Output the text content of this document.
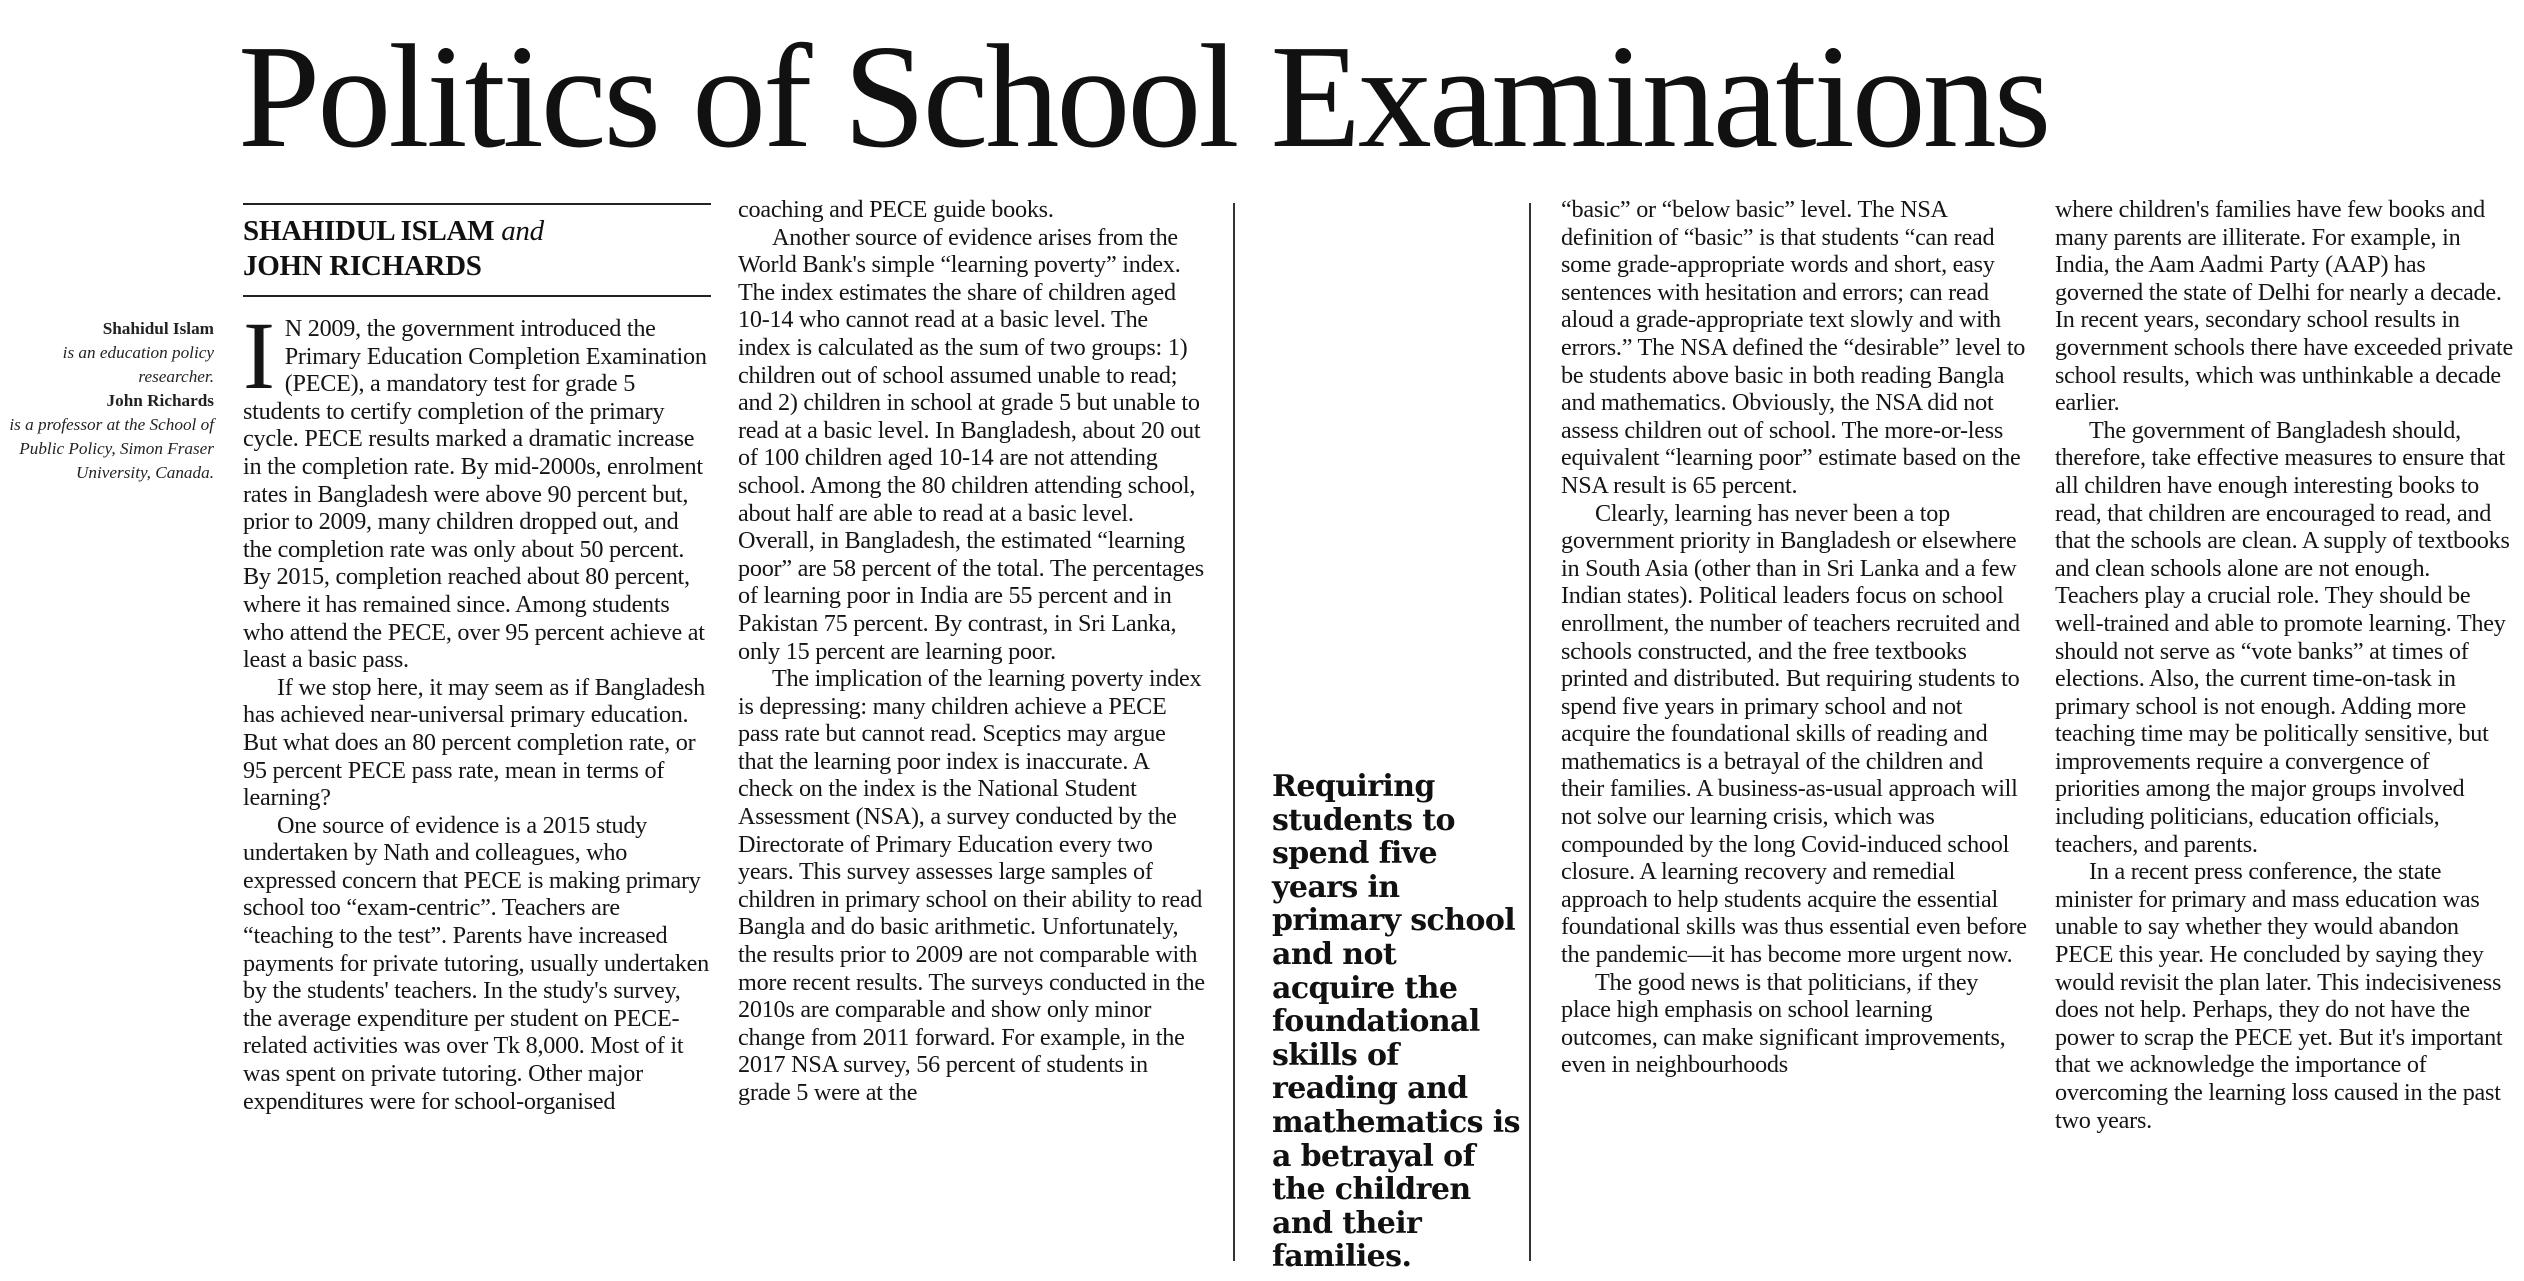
Politics of School Examinations
SHAHIDUL ISLAM and
JOHN RICHARDS
Shahidul Islam
is an education policy researcher.
John Richards
is a professor at the School of Public Policy, Simon Fraser University, Canada.

I N 2009, the government introduced the Primary Education Completion Examination (PECE), a mandatory test for grade 5 students to certify completion of the primary cycle. PECE results marked a dramatic increase in the completion rate. By mid-2000s, enrolment rates in Bangladesh were above 90 percent but, prior to 2009, many children dropped out, and the completion rate was only about 50 percent. By 2015, completion reached about 80 percent, where it has remained since. Among students who attend the PECE, over 95 percent achieve at least a basic pass.

If we stop here, it may seem as if Bangladesh has achieved near-universal primary education. But what does an 80 percent completion rate, or 95 percent PECE pass rate, mean in terms of learning?

One source of evidence is a 2015 study undertaken by Nath and colleagues, who expressed concern that PECE is making primary school too “exam-centric”. Teachers are “teaching to the test”. Parents have increased payments for private tutoring, usually undertaken by the students' teachers. In the study's survey, the average expenditure per student on PECE-related activities was over Tk 8,000. Most of it was spent on private tutoring. Other major expenditures were for school-organised

coaching and PECE guide books.

Another source of evidence arises from the World Bank's simple “learning poverty” index. The index estimates the share of children aged 10-14 who cannot read at a basic level. The index is calculated as the sum of two groups: 1) children out of school assumed unable to read; and 2) children in school at grade 5 but unable to read at a basic level. In Bangladesh, about 20 out of 100 children aged 10-14 are not attending school. Among the 80 children attending school, about half are able to read at a basic level. Overall, in Bangladesh, the estimated “learning poor” are 58 percent of the total. The percentages of learning poor in India are 55 percent and in Pakistan 75 percent. By contrast, in Sri Lanka, only 15 percent are learning poor.

The implication of the learning poverty index is depressing: many children achieve a PECE pass rate but cannot read. Sceptics may argue that the learning poor index is inaccurate. A check on the index is the National Student Assessment (NSA), a survey conducted by the Directorate of Primary Education every two years. This survey assesses large samples of children in primary school on their ability to read Bangla and do basic arithmetic. Unfortunately, the results prior to 2009 are not comparable with more recent results. The surveys conducted in the 2010s are comparable and show only minor change from 2011 forward. For example, in the 2017 NSA survey, 56 percent of students in grade 5 were at the

Requiring students to spend five years in primary school and not acquire the foundational skills of reading and mathematics is a betrayal of the children and their families.

“basic” or “below basic” level. The NSA definition of “basic” is that students “can read some grade-appropriate words and short, easy sentences with hesitation and errors; can read aloud a grade-appropriate text slowly and with errors.” The NSA defined the “desirable” level to be students above basic in both reading Bangla and mathematics. Obviously, the NSA did not assess children out of school. The more-or-less equivalent “learning poor” estimate based on the NSA result is 65 percent.

Clearly, learning has never been a top government priority in Bangladesh or elsewhere in South Asia (other than in Sri Lanka and a few Indian states). Political leaders focus on school enrollment, the number of teachers recruited and schools constructed, and the free textbooks printed and distributed. But requiring students to spend five years in primary school and not acquire the foundational skills of reading and mathematics is a betrayal of the children and their families. A business-as-usual approach will not solve our learning crisis, which was compounded by the long Covid-induced school closure. A learning recovery and remedial approach to help students acquire the essential foundational skills was thus essential even before the pandemic—it has become more urgent now.

The good news is that politicians, if they place high emphasis on school learning outcomes, can make significant improvements, even in neighbourhoods

where children's families have few books and many parents are illiterate. For example, in India, the Aam Aadmi Party (AAP) has governed the state of Delhi for nearly a decade. In recent years, secondary school results in government schools there have exceeded private school results, which was unthinkable a decade earlier.

The government of Bangladesh should, therefore, take effective measures to ensure that all children have enough interesting books to read, that children are encouraged to read, and that the schools are clean. A supply of textbooks and clean schools alone are not enough. Teachers play a crucial role. They should be well-trained and able to promote learning. They should not serve as “vote banks” at times of elections. Also, the current time-on-task in primary school is not enough. Adding more teaching time may be politically sensitive, but improvements require a convergence of priorities among the major groups involved including politicians, education officials, teachers, and parents.

In a recent press conference, the state minister for primary and mass education was unable to say whether they would abandon PECE this year. He concluded by saying they would revisit the plan later. This indecisiveness does not help. Perhaps, they do not have the power to scrap the PECE yet. But it's important that we acknowledge the importance of overcoming the learning loss caused in the past two years.
